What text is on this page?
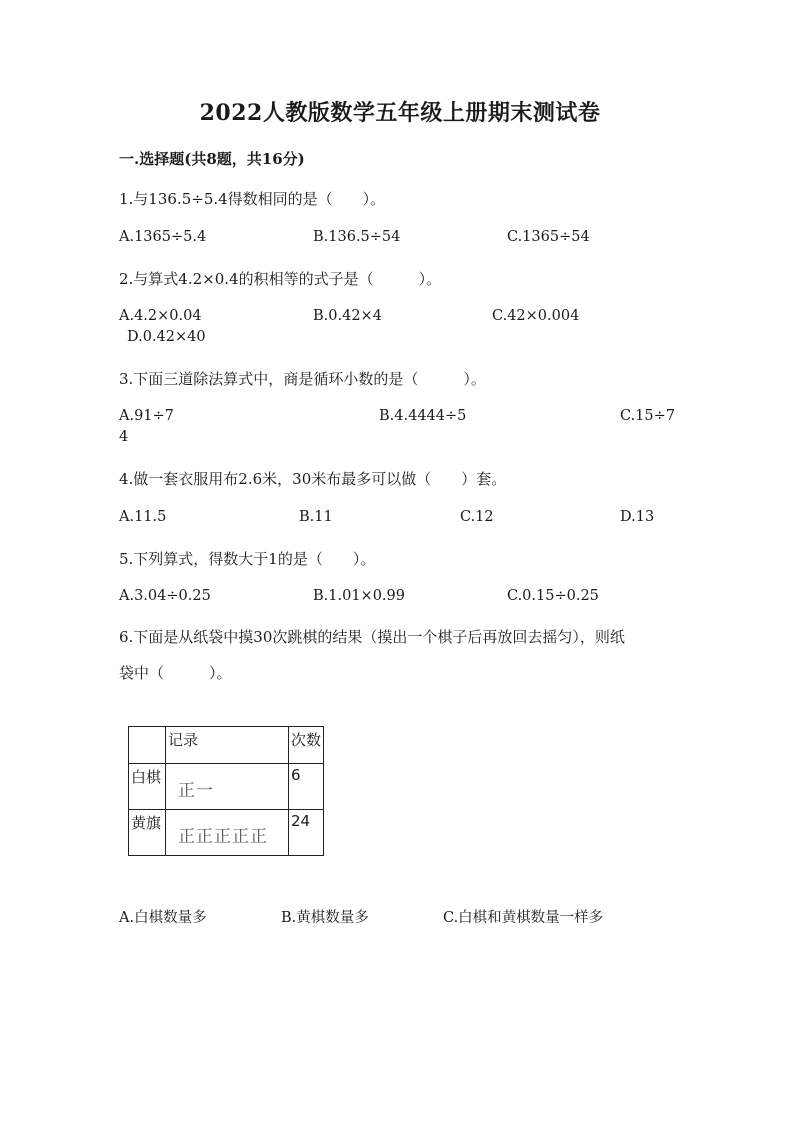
2022人教版数学五年级上册期末测试卷
一.选择题(共8题，共16分)
1.与136.5÷5.4得数相同的是（　　）。
A.1365÷5.4	B.136.5÷54	C.1365÷54
2.与算式4.2×0.4的积相等的式子是（　　　）。
A.4.2×0.04	B.0.42×4	C.42×0.004
D.0.42×40
3.下面三道除法算式中，商是循环小数的是（　　　）。
A.91÷7	B.4.4444÷5	C.15÷7
4
4.做一套衣服用布2.6米，30米布最多可以做（　　）套。
A.11.5	B.11	C.12	D.13
5.下列算式，得数大于1的是（　　）。
A.3.04÷0.25	B.1.01×0.99	C.0.15÷0.25
6.下面是从纸袋中摸30次跳棋的结果（摸出一个棋子后再放回去摇匀），则纸
袋中（　　　）。
	记录	次数
白棋	正一	6
黄旗	正正正正正	24
A.白棋数量多	B.黄棋数量多	C.白棋和黄棋数量一样多
